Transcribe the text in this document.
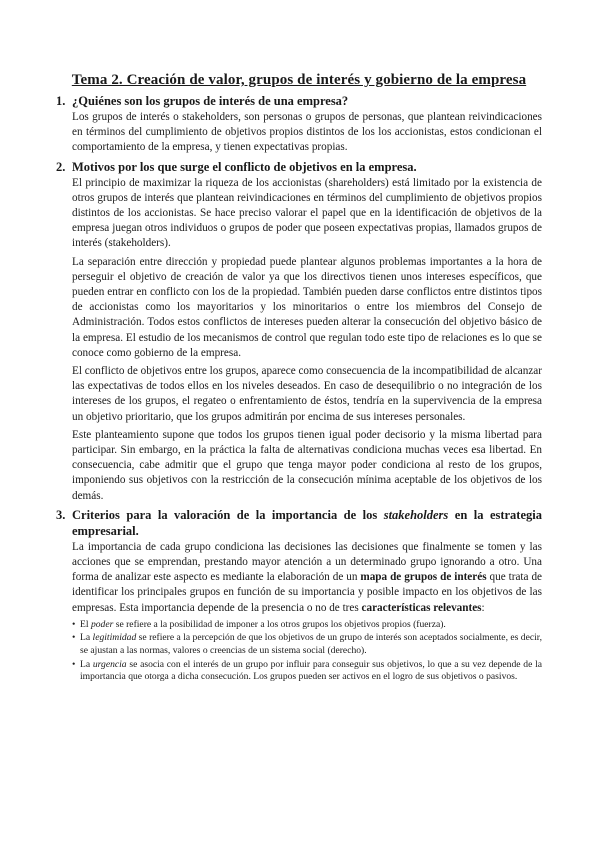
Tema 2. Creación de valor, grupos de interés y gobierno de la empresa
1. ¿Quiénes son los grupos de interés de una empresa?

Los grupos de interés o stakeholders, son personas o grupos de personas, que plantean reivindicaciones en términos del cumplimiento de objetivos propios distintos de los los accionistas, estos condicionan el comportamiento de la empresa, y tienen expectativas propias.

2. Motivos por los que surge el conflicto de objetivos en la empresa.

El principio de maximizar la riqueza de los accionistas (shareholders) está limitado por la existencia de otros grupos de interés que plantean reivindicaciones en términos del cumplimiento de objetivos propios distintos de los accionistas. Se hace preciso valorar el papel que en la identificación de objetivos de la empresa juegan otros individuos o grupos de poder que poseen expectativas propias, llamados grupos de interés (stakeholders).

La separación entre dirección y propiedad puede plantear algunos problemas importantes a la hora de perseguir el objetivo de creación de valor ya que los directivos tienen unos intereses específicos, que pueden entrar en conflicto con los de la propiedad. También pueden darse conflictos entre distintos tipos de accionistas como los mayoritarios y los minoritarios o entre los miembros del Consejo de Administración. Todos estos conflictos de intereses pueden alterar la consecución del objetivo básico de la empresa. El estudio de los mecanismos de control que regulan todo este tipo de relaciones es lo que se conoce como gobierno de la empresa.

El conflicto de objetivos entre los grupos, aparece como consecuencia de la incompatibilidad de alcanzar las expectativas de todos ellos en los niveles deseados. En caso de desequilibrio o no integración de los intereses de los grupos, el regateo o enfrentamiento de éstos, tendría en la supervivencia de la empresa un objetivo prioritario, que los grupos admitirán por encima de sus intereses personales.

Este planteamiento supone que todos los grupos tienen igual poder decisorio y la misma libertad para participar. Sin embargo, en la práctica la falta de alternativas condiciona muchas veces esa libertad. En consecuencia, cabe admitir que el grupo que tenga mayor poder condiciona al resto de los grupos, imponiendo sus objetivos con la restricción de la consecución mínima aceptable de los objetivos de los demás.

3. Criterios para la valoración de la importancia de los stakeholders en la estrategia empresarial.

La importancia de cada grupo condiciona las decisiones las decisiones que finalmente se tomen y las acciones que se emprendan, prestando mayor atención a un determinado grupo ignorando a otro. Una forma de analizar este aspecto es mediante la elaboración de un mapa de grupos de interés que trata de identificar los principales grupos en función de su importancia y posible impacto en los objetivos de las empresas. Esta importancia depende de la presencia o no de tres características relevantes:

• El poder se refiere a la posibilidad de imponer a los otros grupos los objetivos propios (fuerza).
• La legitimidad se refiere a la percepción de que los objetivos de un grupo de interés son aceptados socialmente, es decir, se ajustan a las normas, valores o creencias de un sistema social (derecho).
• La urgencia se asocia con el interés de un grupo por influir para conseguir sus objetivos, lo que a su vez depende de la importancia que otorga a dicha consecución. Los grupos pueden ser activos en el logro de sus objetivos o pasivos.
